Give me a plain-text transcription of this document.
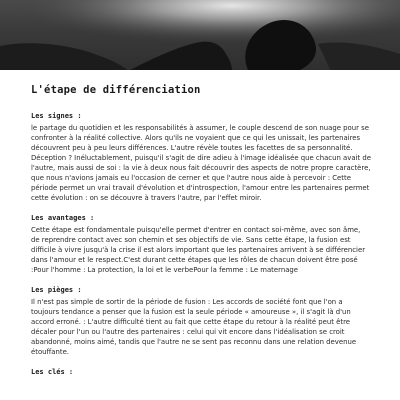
L'étape de différenciation
Les signes :

le partage du quotidien et les responsabilités à assumer, le couple descend de son nuage pour se confronter à la réalité collective. Alors qu'ils ne voyaient que ce qui les unissait, les partenaires découvrent peu à peu leurs différences. L'autre révèle toutes les facettes de sa personnalité. Déception ? Inéluctablement, puisqu'il s'agit de dire adieu à l'image idéalisée que chacun avait de l'autre, mais aussi de soi : la vie à deux nous fait découvrir des aspects de notre propre caractère, que nous n'avions jamais eu l'occasion de cerner et que l'autre nous aide à percevoir : Cette période permet un vrai travail d'évolution et d'introspection, l'amour entre les partenaires permet cette évolution : on se découvre à travers l'autre, par l'effet miroir.

Les avantages :

Cette étape est fondamentale puisqu'elle permet d'entrer en contact soi-même, avec son âme, de reprendre contact avec son chemin et ses objectifs de vie. Sans cette étape, la fusion est difficile à vivre jusqu'à la crise il est alors important que les partenaires arrivent à se différencier dans l'amour et le respect.C'est durant cette étapes que les rôles de chacun doivent être posé :Pour l'homme : La protection, la loi et le verbePour la femme : Le maternage

Les pièges :

Il n'est pas simple de sortir de la période de fusion : Les accords de société font que l'on a toujours tendance a penser que la fusion est la seule période « amoureuse », il s'agit là d'un accord erroné. : L'autre difficulté tient au fait que cette étape du retour à la réalité peut être décaler pour l'un ou l'autre des partenaires : celui qui vit encore dans l'idéalisation se croit abandonné, moins aimé, tandis que l'autre ne se sent pas reconnu dans une relation devenue étouffante.

Les clés :
